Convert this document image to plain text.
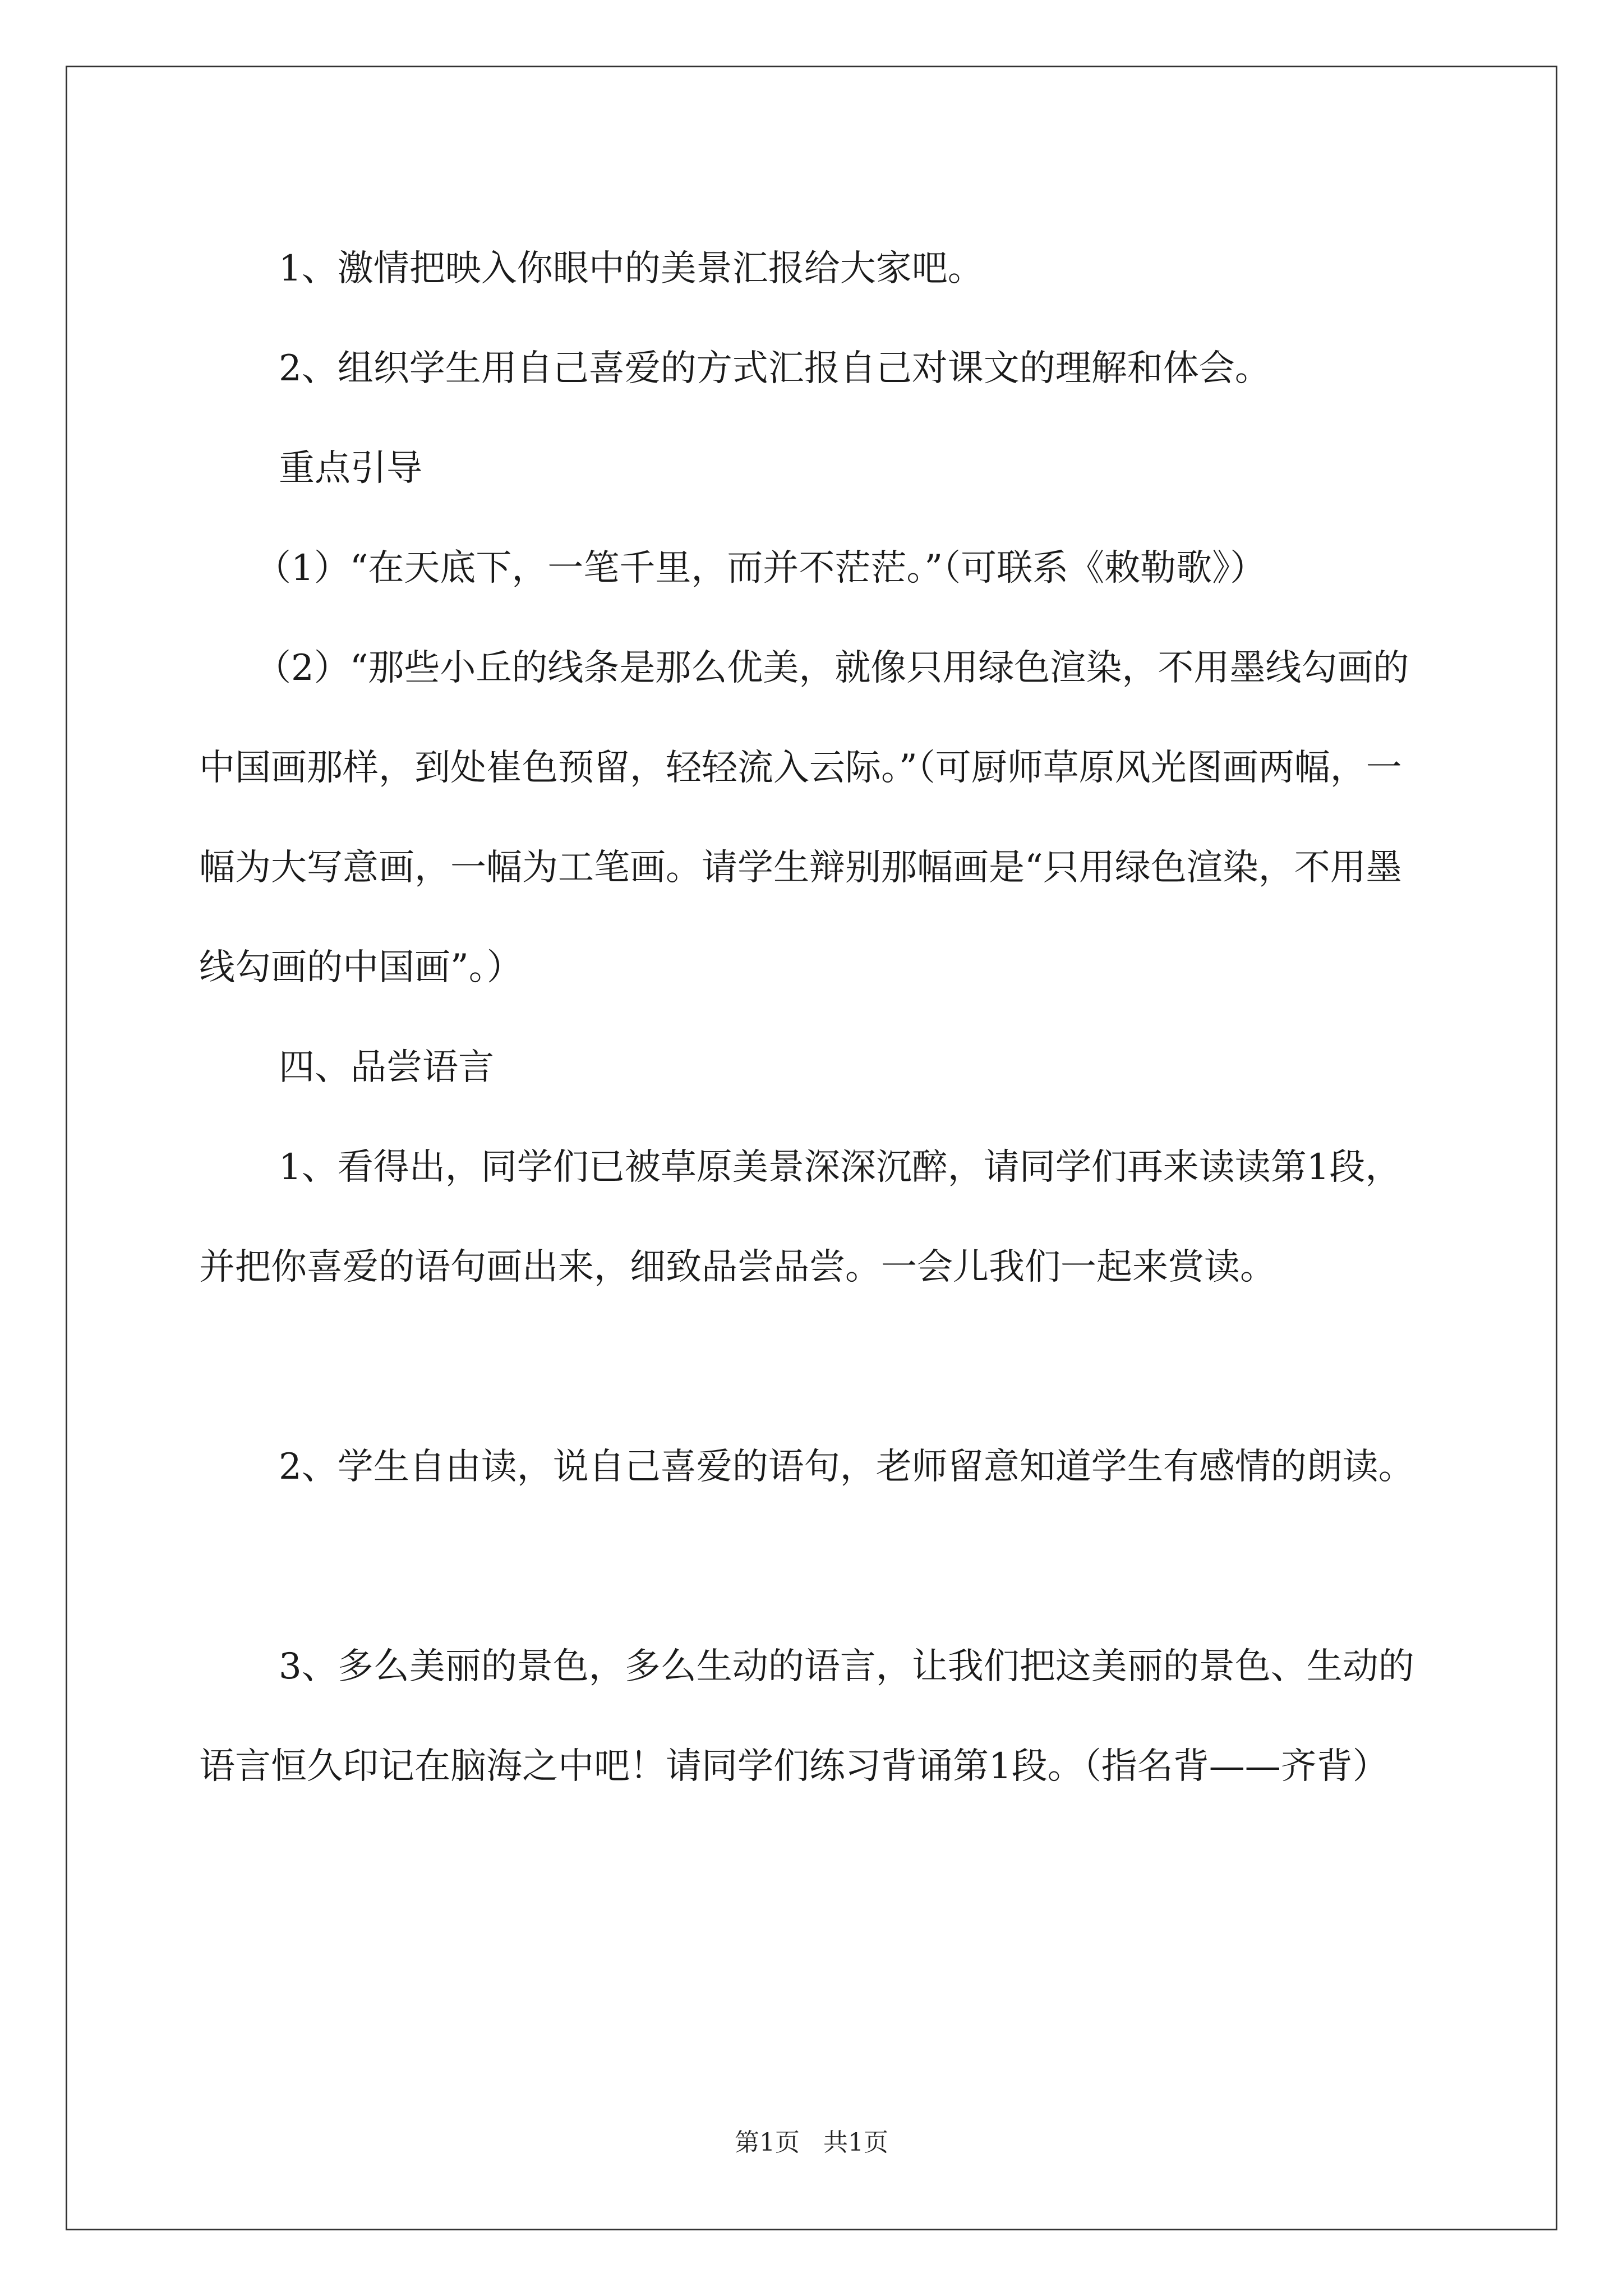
1、激情把映入你眼中的美景汇报给大家吧。

2、组织学生用自己喜爱的方式汇报自己对课文的理解和体会。

重点引导

（1）“在天底下，一笔千里，而并不茫茫。”（可联系《敕勒歌》）

（2）“那些小丘的线条是那么优美，就像只用绿色渲染，不用墨线勾画的中国画那样，到处崔色预留，轻轻流入云际。”（可厨师草原风光图画两幅，一幅为大写意画，一幅为工笔画。请学生辩别那幅画是“只用绿色渲染，不用墨线勾画的中国画”。）

四、品尝语言

1、看得出，同学们已被草原美景深深沉醉，请同学们再来读读第1段，并把你喜爱的语句画出来，细致品尝品尝。一会儿我们一起来赏读。

2、学生自由读，说自己喜爱的语句，老师留意知道学生有感情的朗读。

3、多么美丽的景色，多么生动的语言，让我们把这美丽的景色、生动的语言恒久印记在脑海之中吧！请同学们练习背诵第1段。（指名背——齐背）

第1页   共1页
